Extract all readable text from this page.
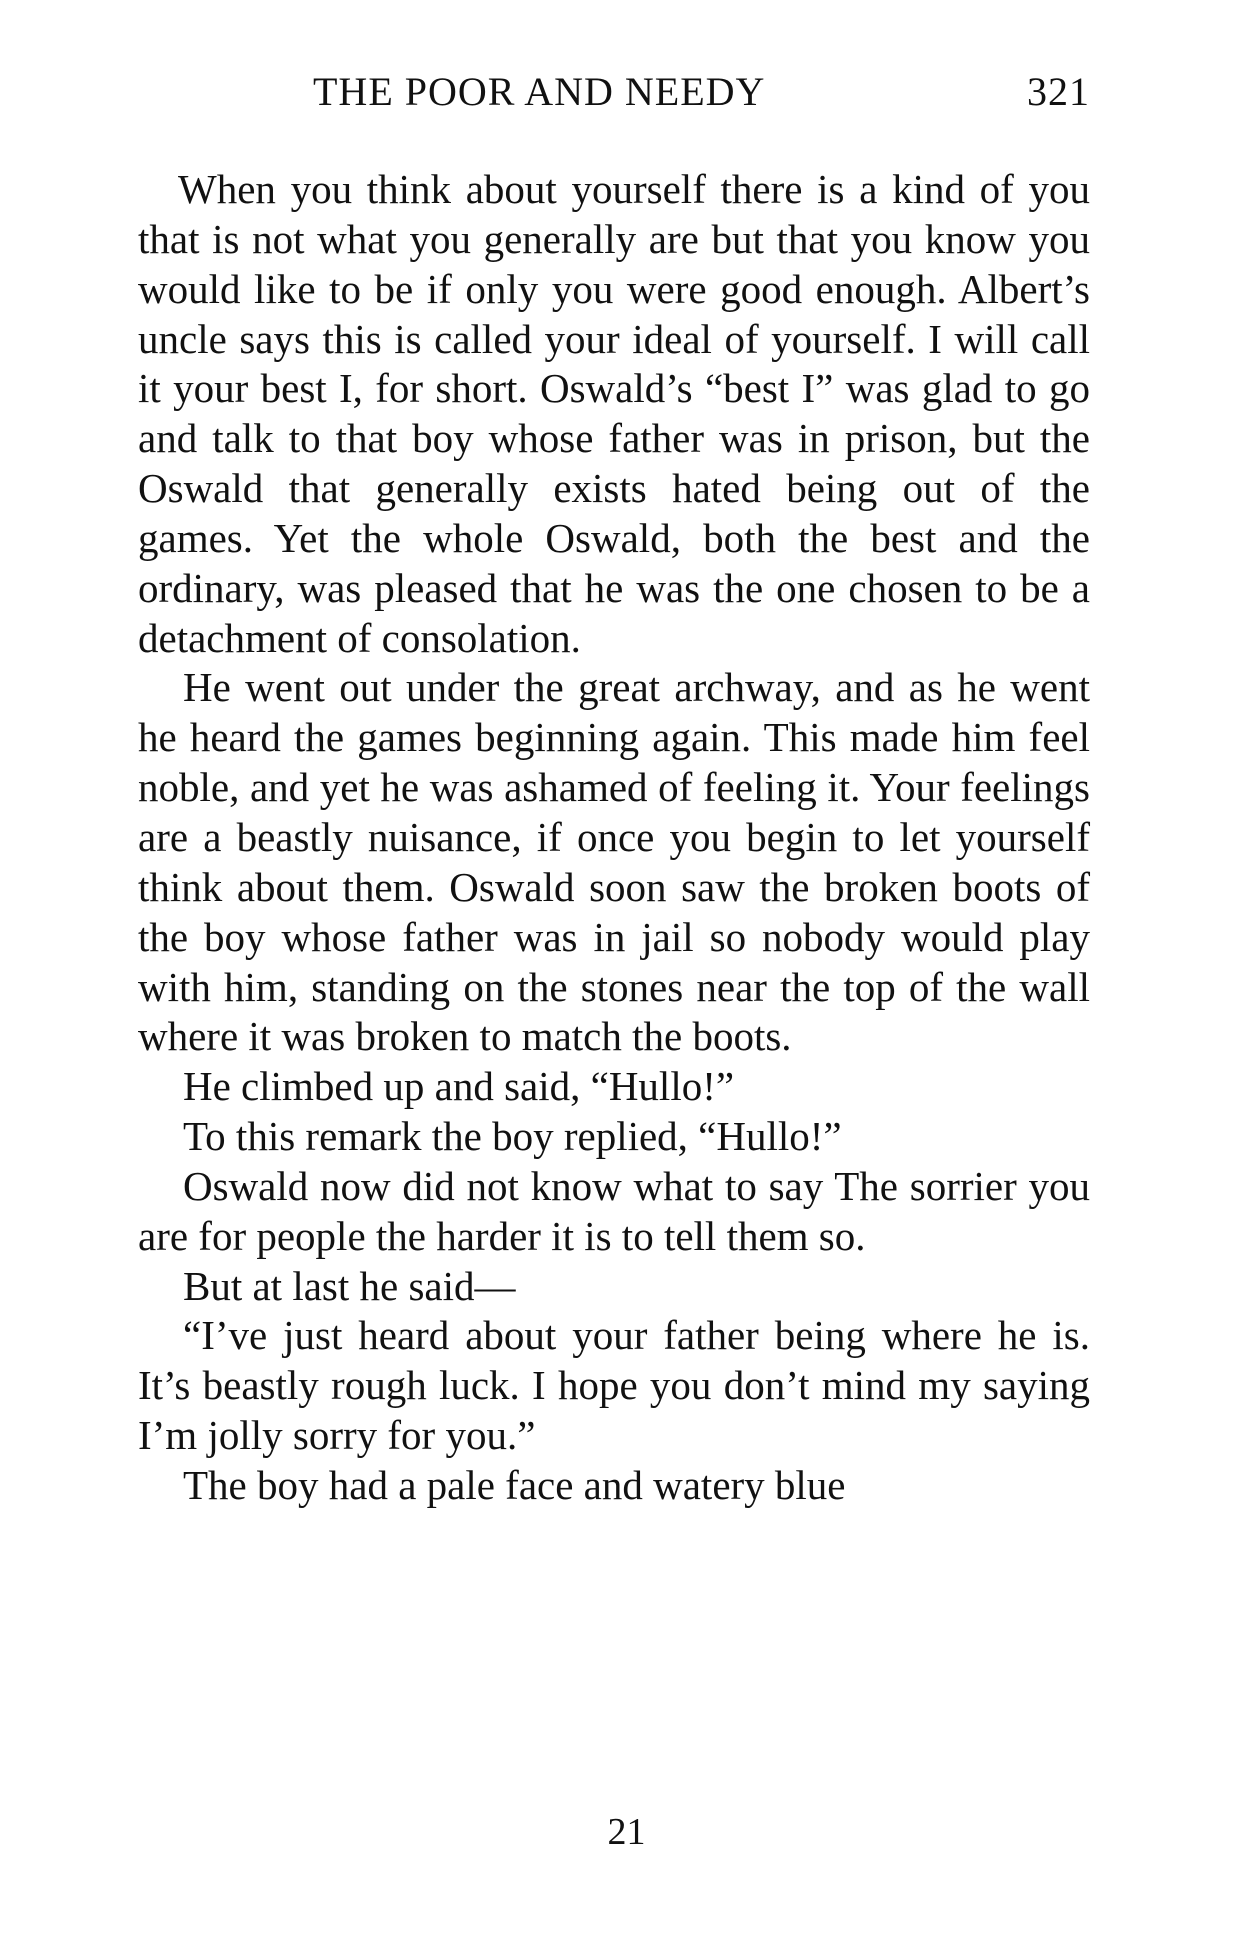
THE POOR AND NEEDY	321

When you think about yourself there is a kind of you that is not what you generally are but that you know you would like to be if only you were good enough. Albert’s uncle says this is called your ideal of yourself. I will call it your best I, for short. Oswald’s “best I” was glad to go and talk to that boy whose father was in prison, but the Oswald that generally exists hated being out of the games. Yet the whole Oswald, both the best and the ordinary, was pleased that he was the one chosen to be a detachment of consolation.

He went out under the great archway, and as he went he heard the games beginning again. This made him feel noble, and yet he was ashamed of feeling it. Your feelings are a beastly nuisance, if once you begin to let yourself think about them. Oswald soon saw the broken boots of the boy whose father was in jail so nobody would play with him, standing on the stones near the top of the wall where it was broken to match the boots.

He climbed up and said, “Hullo!”

To this remark the boy replied, “Hullo!”

Oswald now did not know what to say The sorrier you are for people the harder it is to tell them so.

But at last he said—

“I’ve just heard about your father being where he is. It’s beastly rough luck. I hope you don’t mind my saying I’m jolly sorry for you.”

The boy had a pale face and watery blue

21
